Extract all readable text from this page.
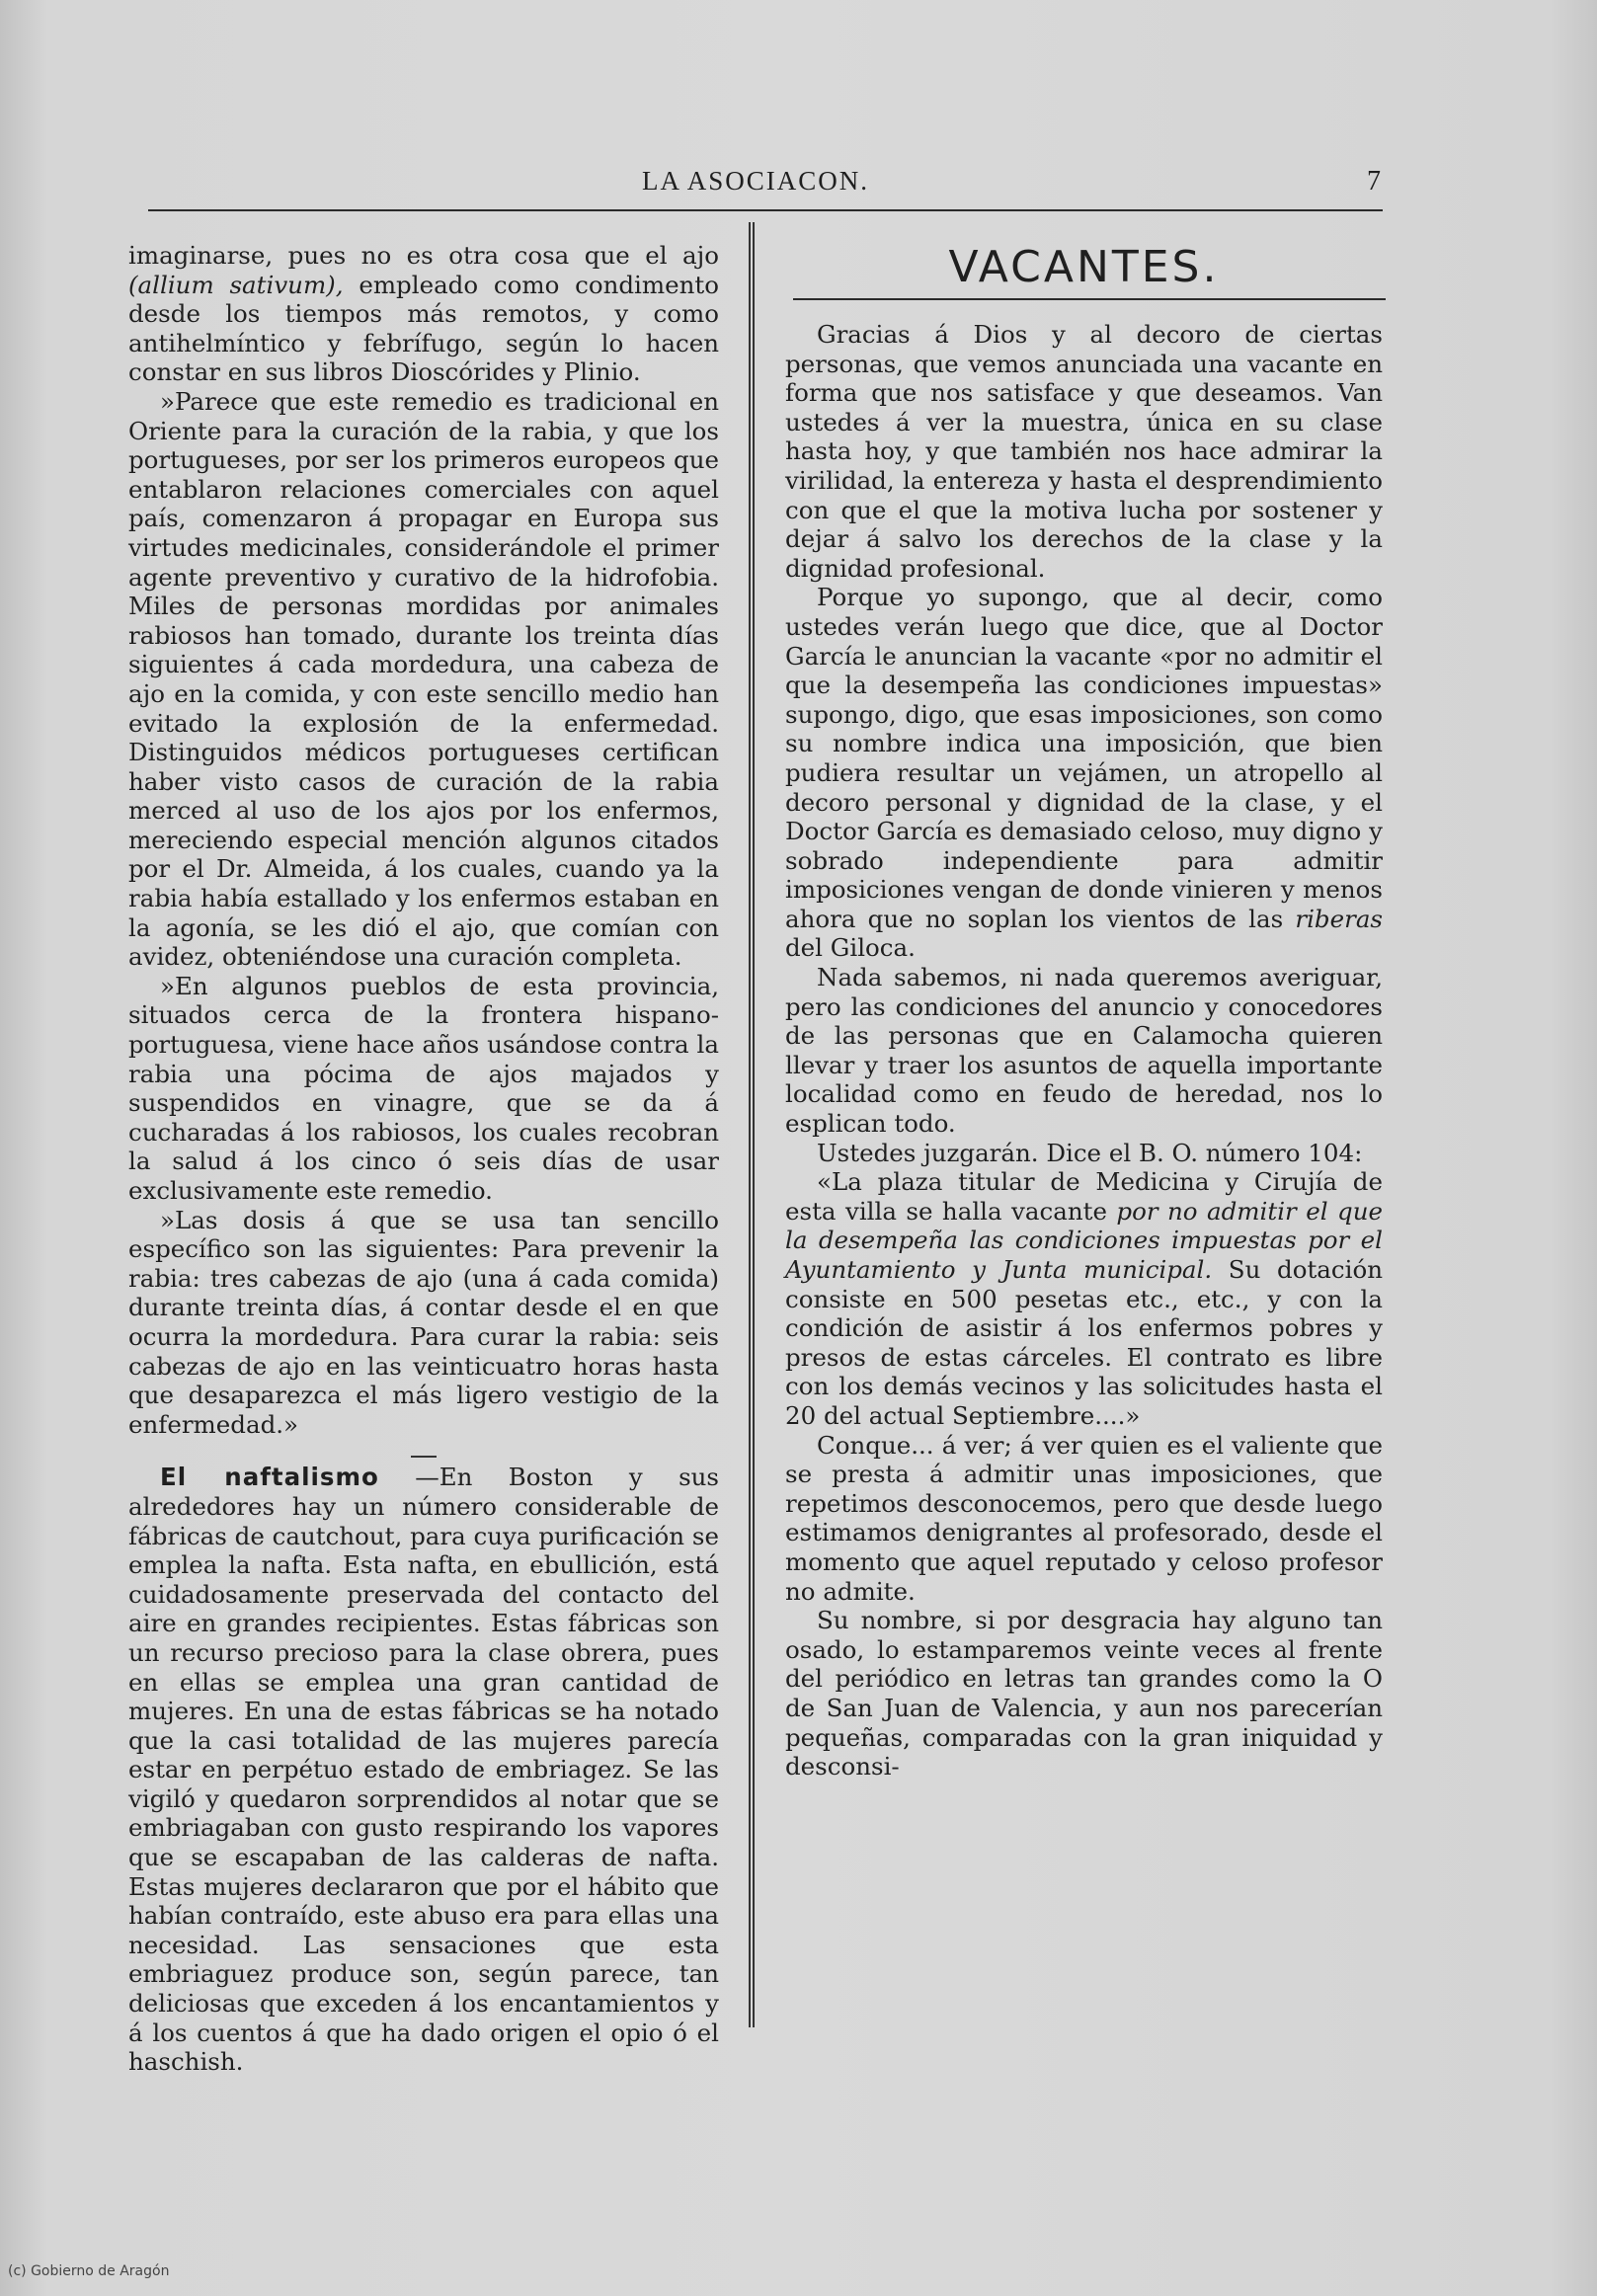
LA ASOCIACON.	7

imaginarse, pues no es otra cosa que el ajo (allium sativum), empleado como condimento desde los tiempos más remotos, y como antihelmíntico y febrífugo, según lo hacen constar en sus libros Dioscórides y Plinio.

»Parece que este remedio es tradicional en Oriente para la curación de la rabia, y que los portugueses, por ser los primeros europeos que entablaron relaciones comerciales con aquel país, comenzaron á propagar en Europa sus virtudes medicinales, considerándole el primer agente preventivo y curativo de la hidrofobia. Miles de personas mordidas por animales rabiosos han tomado, durante los treinta días siguientes á cada mordedura, una cabeza de ajo en la comida, y con este sencillo medio han evitado la explosión de la enfermedad. Distinguidos médicos portugueses certifican haber visto casos de curación de la rabia merced al uso de los ajos por los enfermos, mereciendo especial mención algunos citados por el Dr. Almeida, á los cuales, cuando ya la rabia había estallado y los enfermos estaban en la agonía, se les dió el ajo, que comían con avidez, obteniéndose una curación completa.

»En algunos pueblos de esta provincia, situados cerca de la frontera hispano-portuguesa, viene hace años usándose contra la rabia una pócima de ajos majados y suspendidos en vinagre, que se da á cucharadas á los rabiosos, los cuales recobran la salud á los cinco ó seis días de usar exclusivamente este remedio.

»Las dosis á que se usa tan sencillo específico son las siguientes: Para prevenir la rabia: tres cabezas de ajo (una á cada comida) durante treinta días, á contar desde el en que ocurra la mordedura. Para curar la rabia: seis cabezas de ajo en las veinticuatro horas hasta que desaparezca el más ligero vestigio de la enfermedad.»

El naftalismo —En Boston y sus alrededores hay un número considerable de fábricas de cautchout, para cuya purificación se emplea la nafta. Esta nafta, en ebullición, está cuidadosamente preservada del contacto del aire en grandes recipientes. Estas fábricas son un recurso precioso para la clase obrera, pues en ellas se emplea una gran cantidad de mujeres. En una de estas fábricas se ha notado que la casi totalidad de las mujeres parecía estar en perpétuo estado de embriagez. Se las vigiló y quedaron sorprendidos al notar que se embriagaban con gusto respirando los vapores que se escapaban de las calderas de nafta. Estas mujeres declararon que por el hábito que habían contraído, este abuso era para ellas una necesidad. Las sensaciones que esta embriaguez produce son, según parece, tan deliciosas que exceden á los encantamientos y á los cuentos á que ha dado origen el opio ó el haschish.

VACANTES.

Gracias á Dios y al decoro de ciertas personas, que vemos anunciada una vacante en forma que nos satisface y que deseamos. Van ustedes á ver la muestra, única en su clase hasta hoy, y que también nos hace admirar la virilidad, la entereza y hasta el desprendimiento con que el que la motiva lucha por sostener y dejar á salvo los derechos de la clase y la dignidad profesional.

Porque yo supongo, que al decir, como ustedes verán luego que dice, que al Doctor García le anuncian la vacante «por no admitir el que la desempeña las condiciones impuestas» supongo, digo, que esas imposiciones, son como su nombre indica una imposición, que bien pudiera resultar un vejámen, un atropello al decoro personal y dignidad de la clase, y el Doctor García es demasiado celoso, muy digno y sobrado independiente para admitir imposiciones vengan de donde vinieren y menos ahora que no soplan los vientos de las riberas del Giloca.

Nada sabemos, ni nada queremos averiguar, pero las condiciones del anuncio y conocedores de las personas que en Calamocha quieren llevar y traer los asuntos de aquella importante localidad como en feudo de heredad, nos lo esplican todo.

Ustedes juzgarán. Dice el B. O. número 104:

«La plaza titular de Medicina y Cirujía de esta villa se halla vacante por no admitir el que la desempeña las condiciones impuestas por el Ayuntamiento y Junta municipal. Su dotación consiste en 500 pesetas etc., etc., y con la condición de asistir á los enfermos pobres y presos de estas cárceles. El contrato es libre con los demás vecinos y las solicitudes hasta el 20 del actual Septiembre....»

Conque... á ver; á ver quien es el valiente que se presta á admitir unas imposiciones, que repetimos desconocemos, pero que desde luego estimamos denigrantes al profesorado, desde el momento que aquel reputado y celoso profesor no admite.

Su nombre, si por desgracia hay alguno tan osado, lo estamparemos veinte veces al frente del periódico en letras tan grandes como la O de San Juan de Valencia, y aun nos parecerían pequeñas, comparadas con la gran iniquidad y desconsi-

(c) Gobierno de Aragón
